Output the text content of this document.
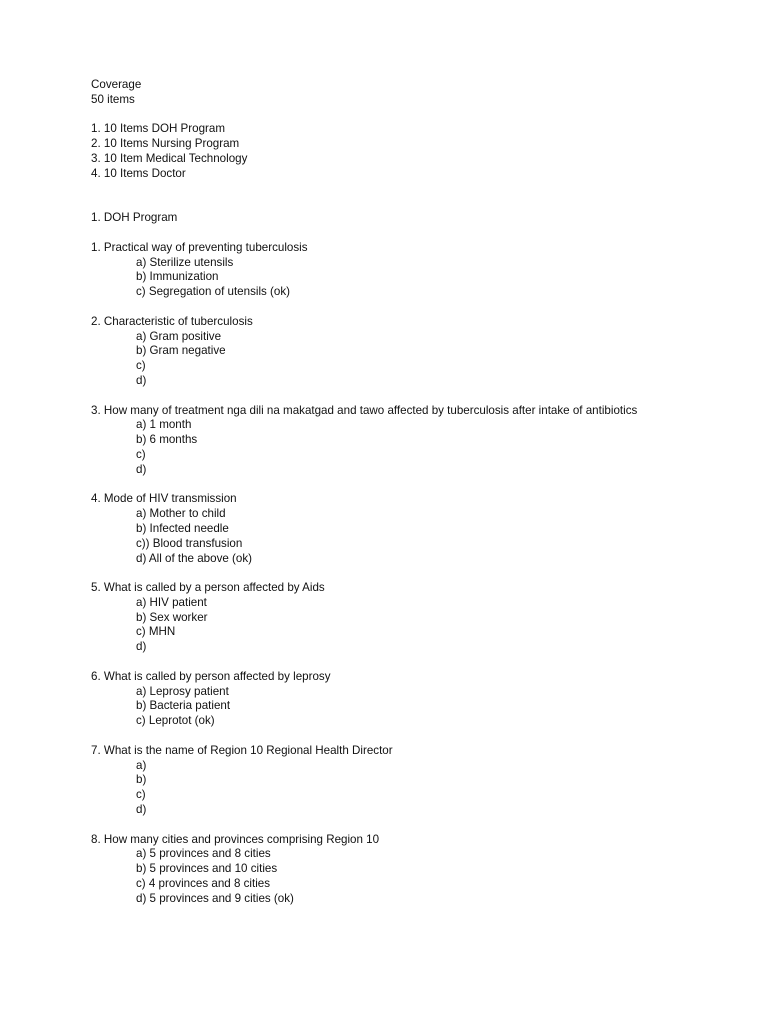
Coverage
50 items
1. 10 Items DOH Program
2. 10 Items Nursing Program
3. 10 Item Medical Technology
4. 10 Items Doctor
1. DOH Program
1. Practical way of preventing tuberculosis
a) Sterilize utensils
b) Immunization
c) Segregation of utensils (ok)
2. Characteristic of tuberculosis
a) Gram positive
b) Gram negative
c)
d)
3. How many of treatment nga dili na makatgad and tawo affected by tuberculosis after intake of antibiotics
a) 1 month
b) 6 months
c)
d)
4. Mode of HIV transmission
a) Mother to child
b) Infected needle
c)) Blood transfusion
d) All of the above (ok)
5. What is called by a person affected by Aids
a) HIV patient
b) Sex worker
c) MHN
d)
6. What is called by person affected by leprosy
a) Leprosy patient
b) Bacteria patient
c) Leprotot (ok)
7. What is the name of Region 10 Regional Health Director
a)
b)
c)
d)
8. How many cities and provinces comprising Region 10
a) 5 provinces and 8 cities
b) 5 provinces and 10 cities
c) 4 provinces and 8 cities
d) 5 provinces and 9 cities (ok)
